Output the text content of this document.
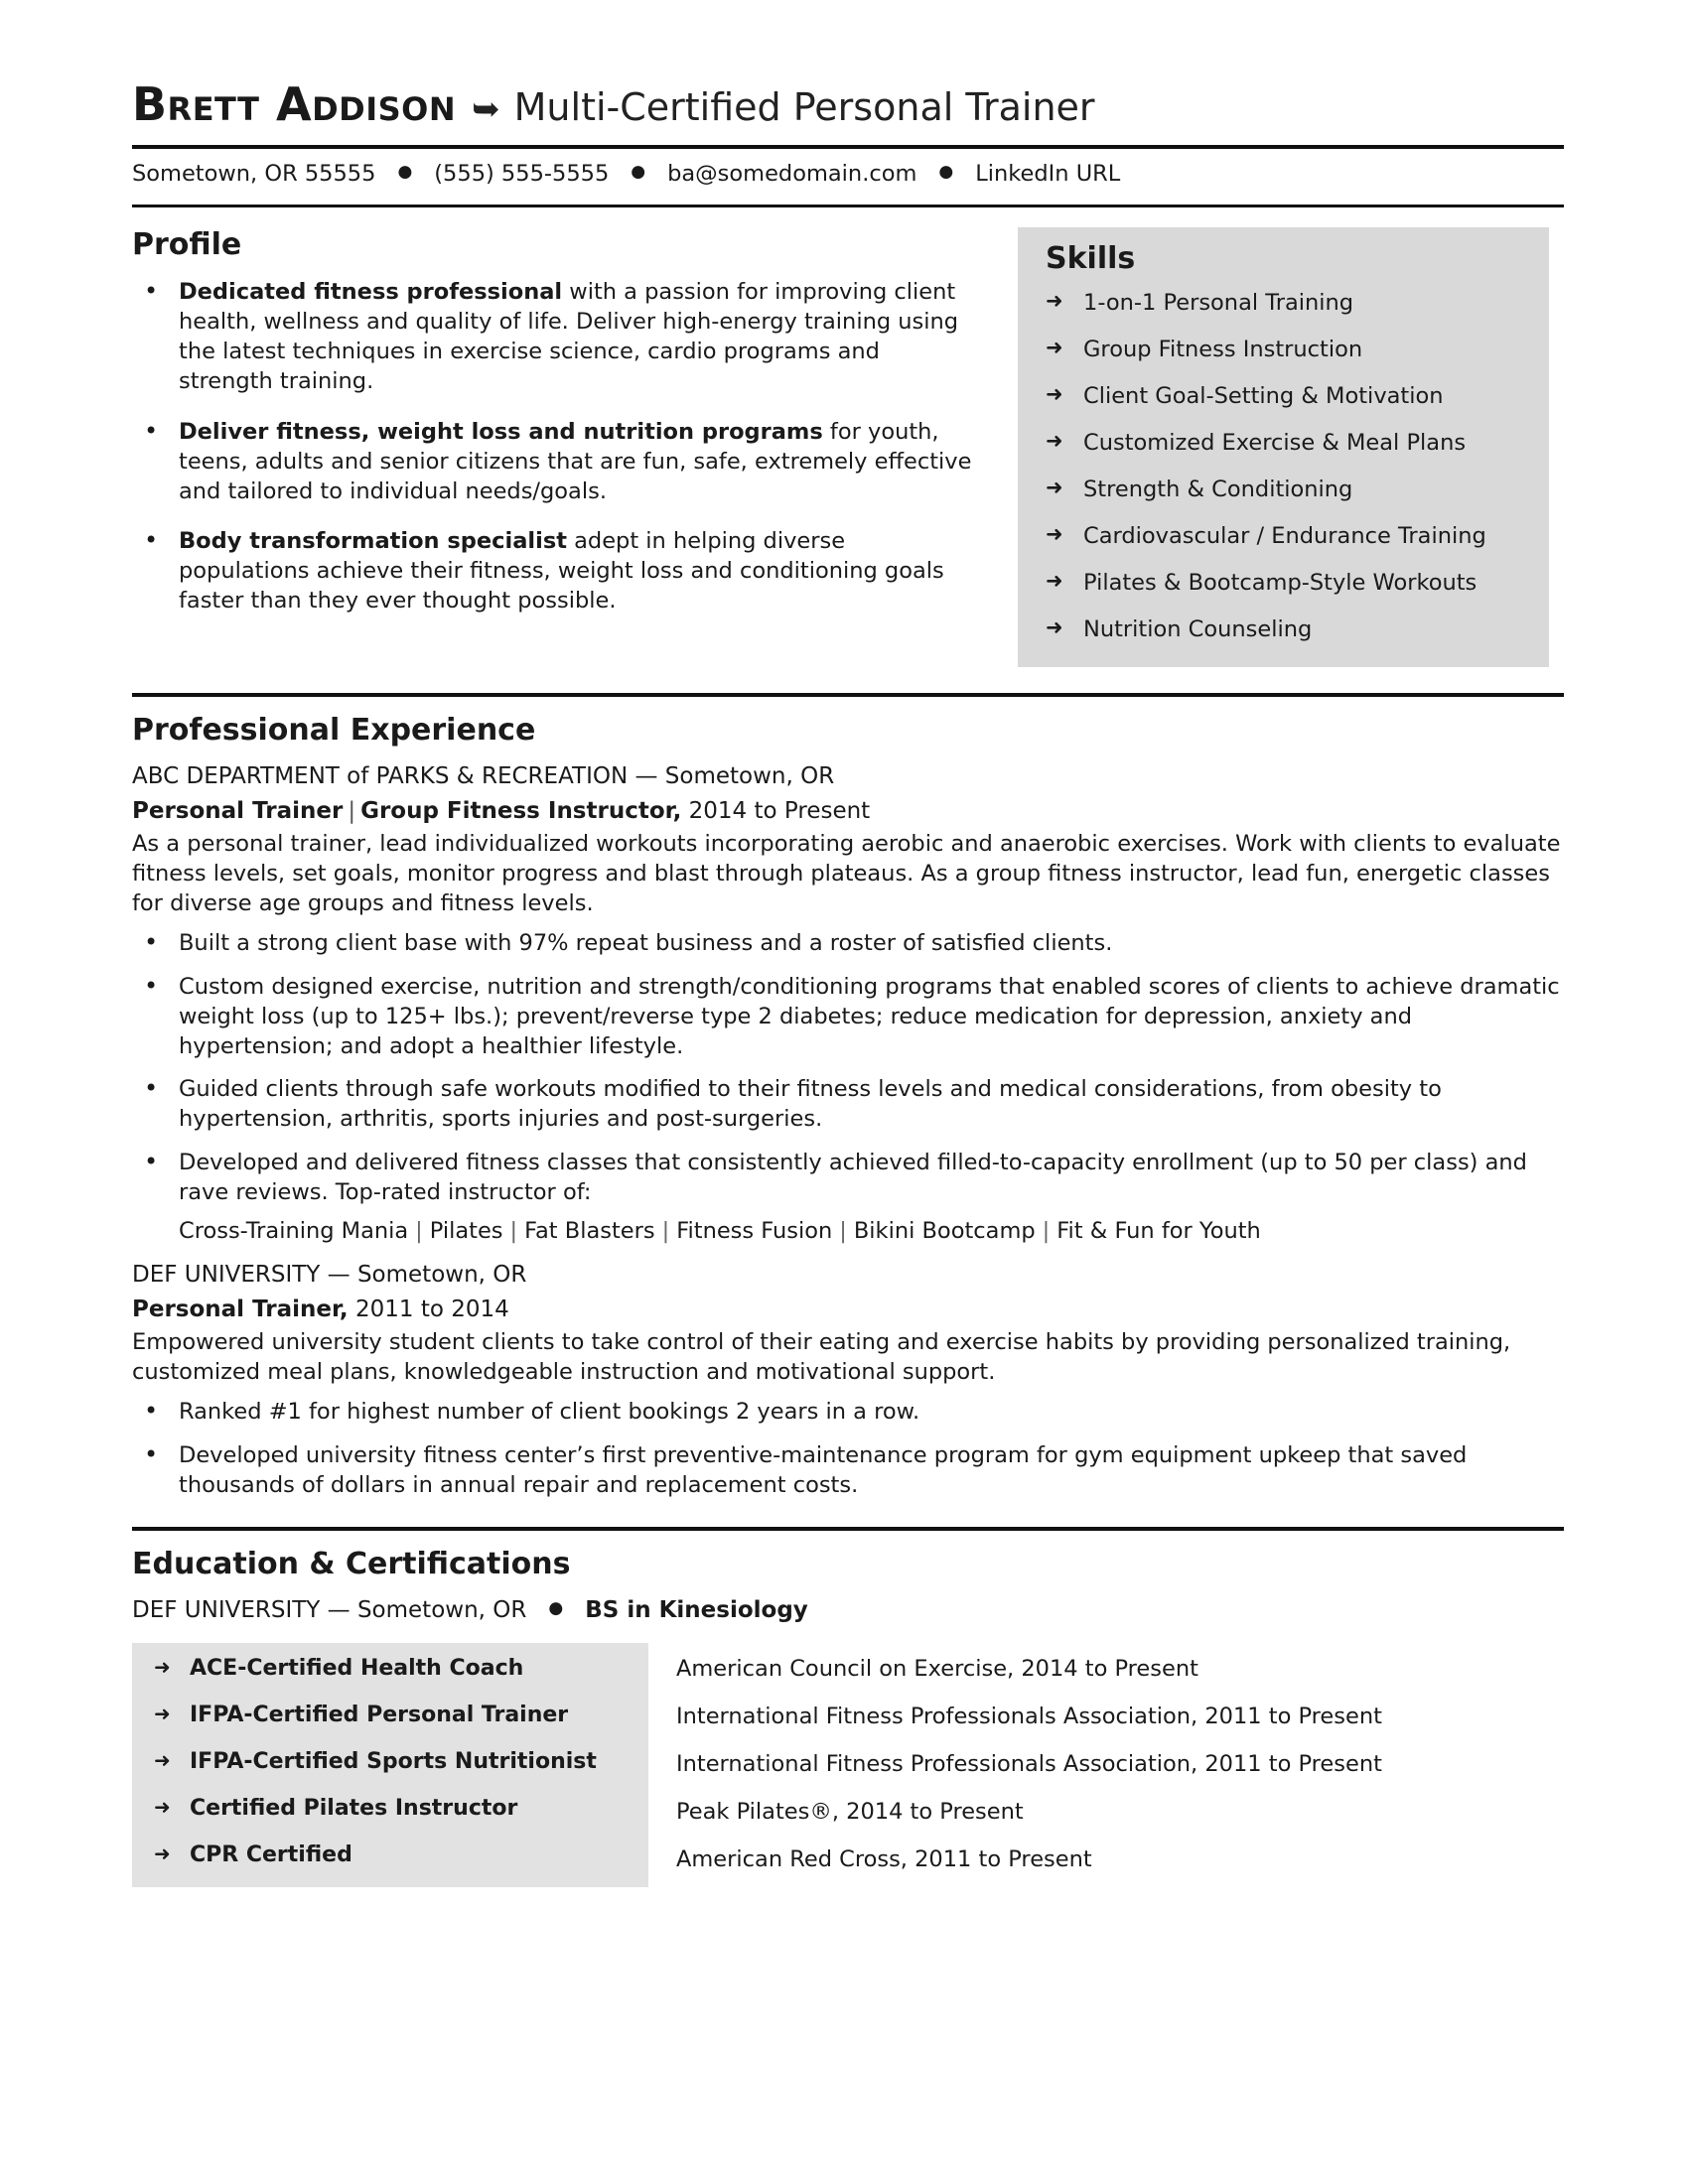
Brett Addison ➥ Multi-Certified Personal Trainer
Sometown, OR 55555 ● (555) 555-5555 ● ba@somedomain.com ● LinkedIn URL
Profile
• Dedicated fitness professional with a passion for improving client health, wellness and quality of life. Deliver high-energy training using the latest techniques in exercise science, cardio programs and strength training.
• Deliver fitness, weight loss and nutrition programs for youth, teens, adults and senior citizens that are fun, safe, extremely effective and tailored to individual needs/goals.
• Body transformation specialist adept in helping diverse populations achieve their fitness, weight loss and conditioning goals faster than they ever thought possible.
Skills
➜ 1-on-1 Personal Training
➜ Group Fitness Instruction
➜ Client Goal-Setting & Motivation
➜ Customized Exercise & Meal Plans
➜ Strength & Conditioning
➜ Cardiovascular / Endurance Training
➜ Pilates & Bootcamp-Style Workouts
➜ Nutrition Counseling
Professional Experience
ABC DEPARTMENT of PARKS & RECREATION — Sometown, OR
Personal Trainer | Group Fitness Instructor, 2014 to Present

As a personal trainer, lead individualized workouts incorporating aerobic and anaerobic exercises. Work with clients to evaluate fitness levels, set goals, monitor progress and blast through plateaus. As a group fitness instructor, lead fun, energetic classes for diverse age groups and fitness levels.

• Built a strong client base with 97% repeat business and a roster of satisfied clients.
• Custom designed exercise, nutrition and strength/conditioning programs that enabled scores of clients to achieve dramatic weight loss (up to 125+ lbs.); prevent/reverse type 2 diabetes; reduce medication for depression, anxiety and hypertension; and adopt a healthier lifestyle.
• Guided clients through safe workouts modified to their fitness levels and medical considerations, from obesity to hypertension, arthritis, sports injuries and post-surgeries.
• Developed and delivered fitness classes that consistently achieved filled-to-capacity enrollment (up to 50 per class) and rave reviews. Top-rated instructor of:
Cross-Training Mania | Pilates | Fat Blasters | Fitness Fusion | Bikini Bootcamp | Fit & Fun for Youth
DEF UNIVERSITY — Sometown, OR
Personal Trainer, 2011 to 2014

Empowered university student clients to take control of their eating and exercise habits by providing personalized training, customized meal plans, knowledgeable instruction and motivational support.

• Ranked #1 for highest number of client bookings 2 years in a row.
• Developed university fitness center’s first preventive-maintenance program for gym equipment upkeep that saved thousands of dollars in annual repair and replacement costs.
Education & Certifications
DEF UNIVERSITY — Sometown, OR ● BS in Kinesiology
➜ ACE-Certified Health Coach
➜ IFPA-Certified Personal Trainer
➜ IFPA-Certified Sports Nutritionist
➜ Certified Pilates Instructor
➜ CPR Certified
American Council on Exercise, 2014 to Present
International Fitness Professionals Association, 2011 to Present
International Fitness Professionals Association, 2011 to Present
Peak Pilates®, 2014 to Present
American Red Cross, 2011 to Present
